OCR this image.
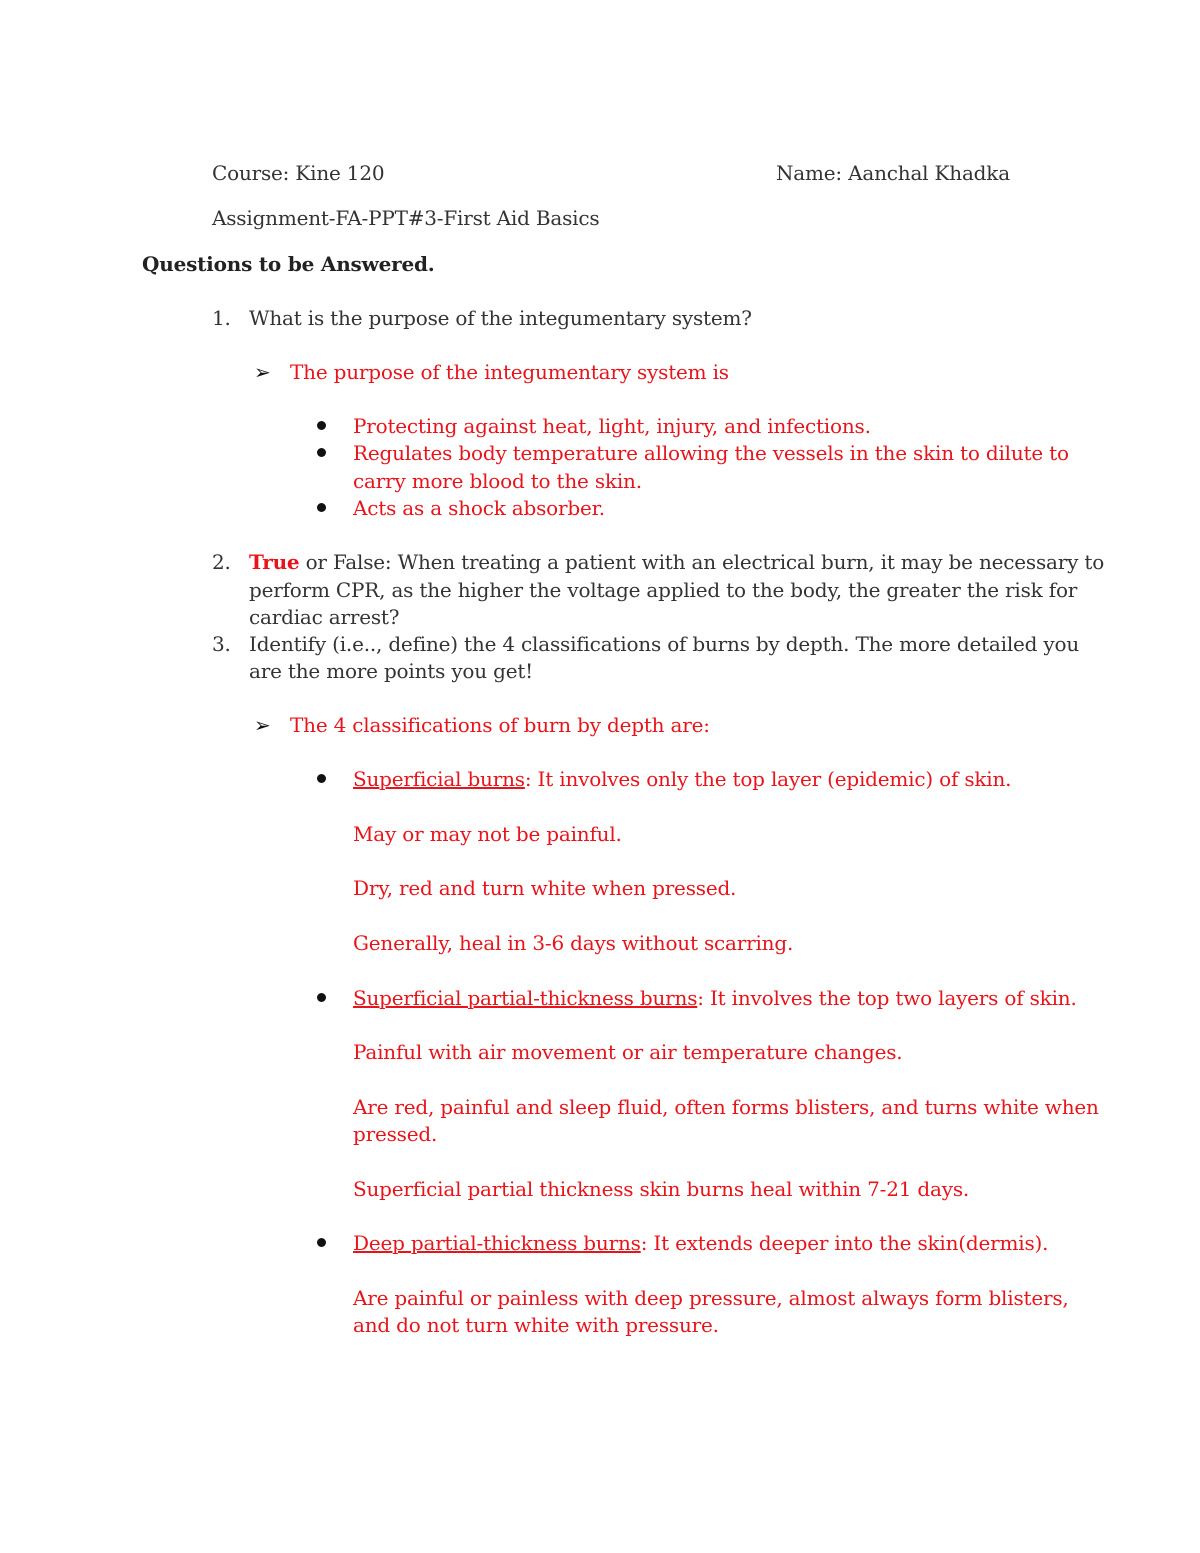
Course: Kine 120	Name: Aanchal Khadka
Assignment-FA-PPT#3-First Aid Basics
Questions to be Answered.
1. What is the purpose of the integumentary system?
➢ The purpose of the integumentary system is
Protecting against heat, light, injury, and infections.
Regulates body temperature allowing the vessels in the skin to dilute to
carry more blood to the skin.
Acts as a shock absorber.
2. True or False: When treating a patient with an electrical burn, it may be necessary to
perform CPR, as the higher the voltage applied to the body, the greater the risk for
cardiac arrest?
3. Identify (i.e.., define) the 4 classifications of burns by depth. The more detailed you
are the more points you get!
➢ The 4 classifications of burn by depth are:
Superficial burns: It involves only the top layer (epidemic) of skin.
May or may not be painful.
Dry, red and turn white when pressed.
Generally, heal in 3-6 days without scarring.
Superficial partial-thickness burns: It involves the top two layers of skin.
Painful with air movement or air temperature changes.
Are red, painful and sleep fluid, often forms blisters, and turns white when
pressed.
Superficial partial thickness skin burns heal within 7-21 days.
Deep partial-thickness burns: It extends deeper into the skin(dermis).
Are painful or painless with deep pressure, almost always form blisters,
and do not turn white with pressure.
